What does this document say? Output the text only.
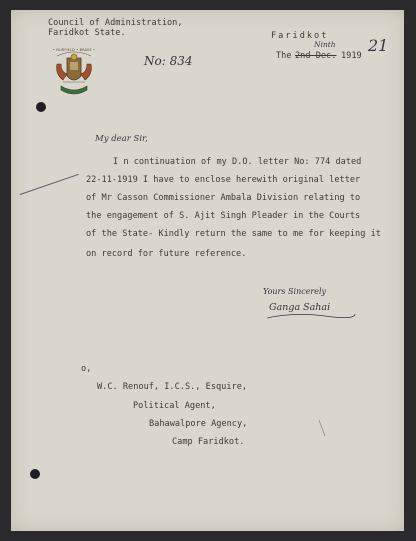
Council of Administration,
Faridkot State.
• FAIRFIELD • BRAVE •
No: 834
Faridkot
Ninth
The 2nd Dec. 1919
21
My dear Sir,
I n continuation of my D.O. letter No: 774 dated
22-11-1919 I have to enclose herewith original letter
of Mr Casson Commissioner Ambala Division relating to
the engagement of S. Ajit Singh Pleader in the Courts
of the State- Kindly return the same to me for keeping it
on record for future reference.
Yours Sincerely
Ganga Sahai
o,
W.C. Renouf, I.C.S., Esquire,
Political Agent,
Bahawalpore Agency,
Camp Faridkot.
